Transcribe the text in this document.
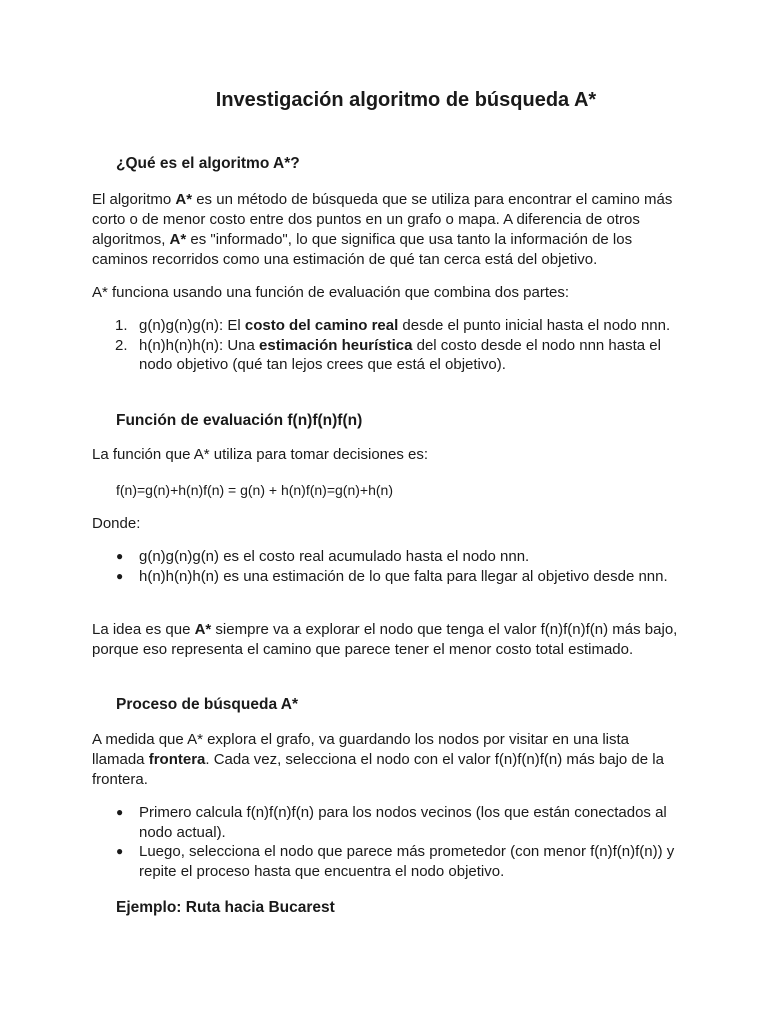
Investigación algoritmo de búsqueda A*
¿Qué es el algoritmo A*?

El algoritmo A* es un método de búsqueda que se utiliza para encontrar el camino más corto o de menor costo entre dos puntos en un grafo o mapa. A diferencia de otros algoritmos, A* es "informado", lo que significa que usa tanto la información de los caminos recorridos como una estimación de qué tan cerca está del objetivo.

A* funciona usando una función de evaluación que combina dos partes:

1. g(n)g(n)g(n): El costo del camino real desde el punto inicial hasta el nodo nnn.
2. h(n)h(n)h(n): Una estimación heurística del costo desde el nodo nnn hasta el nodo objetivo (qué tan lejos crees que está el objetivo).
Función de evaluación f(n)f(n)f(n)

La función que A* utiliza para tomar decisiones es:

f(n)=g(n)+h(n)f(n) = g(n) + h(n)f(n)=g(n)+h(n)

Donde:

● g(n)g(n)g(n) es el costo real acumulado hasta el nodo nnn.
● h(n)h(n)h(n) es una estimación de lo que falta para llegar al objetivo desde nnn.

La idea es que A* siempre va a explorar el nodo que tenga el valor f(n)f(n)f(n) más bajo, porque eso representa el camino que parece tener el menor costo total estimado.

Proceso de búsqueda A*

A medida que A* explora el grafo, va guardando los nodos por visitar en una lista llamada frontera. Cada vez, selecciona el nodo con el valor f(n)f(n)f(n) más bajo de la frontera.

● Primero calcula f(n)f(n)f(n) para los nodos vecinos (los que están conectados al nodo actual).
● Luego, selecciona el nodo que parece más prometedor (con menor f(n)f(n)f(n)) y repite el proceso hasta que encuentra el nodo objetivo.
Ejemplo: Ruta hacia Bucarest
